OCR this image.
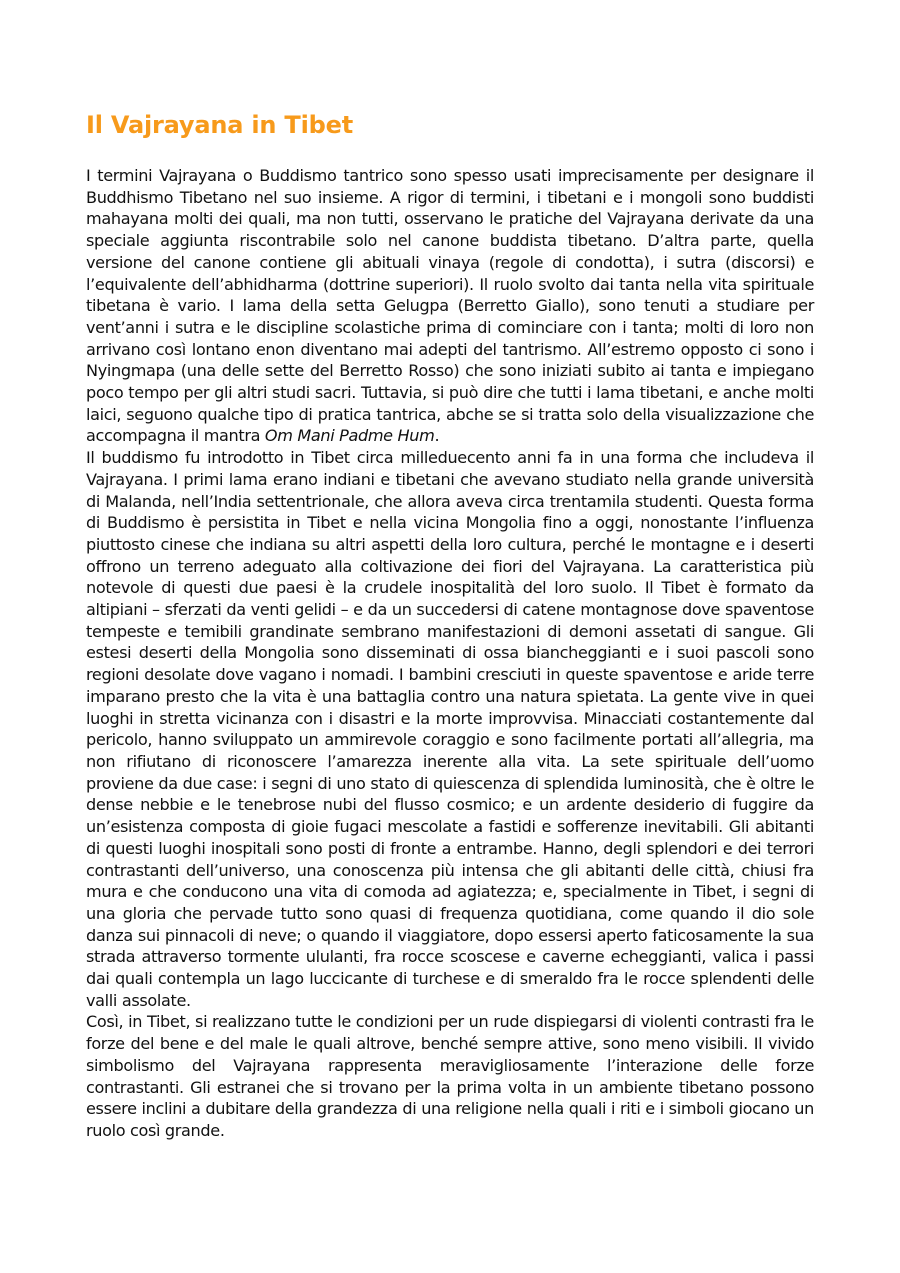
Il Vajrayana in Tibet

I termini Vajrayana o Buddismo tantrico sono spesso usati imprecisamente per designare il Buddhismo Tibetano nel suo insieme. A rigor di termini, i tibetani e i mongoli sono buddisti mahayana molti dei quali, ma non tutti, osservano le pratiche del Vajrayana derivate da una speciale aggiunta riscontrabile solo nel canone buddista tibetano. D’altra parte, quella versione del canone contiene gli abituali vinaya (regole di condotta), i sutra (discorsi) e l’equivalente dell’abhidharma (dottrine superiori). Il ruolo svolto dai tanta nella vita spirituale tibetana è vario. I lama della setta Gelugpa (Berretto Giallo), sono tenuti a studiare per vent’anni i sutra e le discipline scolastiche prima di cominciare con i tanta; molti di loro non arrivano così lontano enon diventano mai adepti del tantrismo. All’estremo opposto ci sono i Nyingmapa (una delle sette del Berretto Rosso) che sono iniziati subito ai tanta e impiegano poco tempo per gli altri studi sacri. Tuttavia, si può dire che tutti i lama tibetani, e anche molti laici, seguono qualche tipo di pratica tantrica, abche se si tratta solo della visualizzazione che accompagna il mantra Om Mani Padme Hum.

Il buddismo fu introdotto in Tibet circa milleduecento anni fa in una forma che includeva il Vajrayana. I primi lama erano indiani e tibetani che avevano studiato nella grande università di Malanda, nell’India settentrionale, che allora aveva circa trentamila studenti. Questa forma di Buddismo è persistita in Tibet e nella vicina Mongolia fino a oggi, nonostante l’influenza piuttosto cinese che indiana su altri aspetti della loro cultura, perché le montagne e i deserti offrono un terreno adeguato alla coltivazione dei fiori del Vajrayana. La caratteristica più notevole di questi due paesi è la crudele inospitalità del loro suolo. Il Tibet è formato da altipiani – sferzati da venti gelidi – e da un succedersi di catene montagnose dove spaventose tempeste e temibili grandinate sembrano manifestazioni di demoni assetati di sangue. Gli estesi deserti della Mongolia sono disseminati di ossa biancheggianti e i suoi pascoli sono regioni desolate dove vagano i nomadi. I bambini cresciuti in queste spaventose e aride terre imparano presto che la vita è una battaglia contro una natura spietata. La gente vive in quei luoghi in stretta vicinanza con i disastri e la morte improvvisa. Minacciati costantemente dal pericolo, hanno sviluppato un ammirevole coraggio e sono facilmente portati all’allegria, ma non rifiutano di riconoscere l’amarezza inerente alla vita. La sete spirituale dell’uomo proviene da due case: i segni di uno stato di quiescenza di splendida luminosità, che è oltre le dense nebbie e le tenebrose nubi del flusso cosmico; e un ardente desiderio di fuggire da un’esistenza composta di gioie fugaci mescolate a fastidi e sofferenze inevitabili. Gli abitanti di questi luoghi inospitali sono posti di fronte a entrambe. Hanno, degli splendori e dei terrori contrastanti dell’universo, una conoscenza più intensa che gli abitanti delle città, chiusi fra mura e che conducono una vita di comoda ad agiatezza; e, specialmente in Tibet, i segni di una gloria che pervade tutto sono quasi di frequenza quotidiana, come quando il dio sole danza sui pinnacoli di neve; o quando il viaggiatore, dopo essersi aperto faticosamente la sua strada attraverso tormente ululanti, fra rocce scoscese e caverne echeggianti, valica i passi dai quali contempla un lago luccicante di turchese e di smeraldo fra le rocce splendenti delle valli assolate.

Così, in Tibet, si realizzano tutte le condizioni per un rude dispiegarsi di violenti contrasti fra le forze del bene e del male le quali altrove, benché sempre attive, sono meno visibili. Il vivido simbolismo del Vajrayana rappresenta meravigliosamente l’interazione delle forze contrastanti. Gli estranei che si trovano per la prima volta in un ambiente tibetano possono essere inclini a dubitare della grandezza di una religione nella quali i riti e i simboli giocano un ruolo così grande.
